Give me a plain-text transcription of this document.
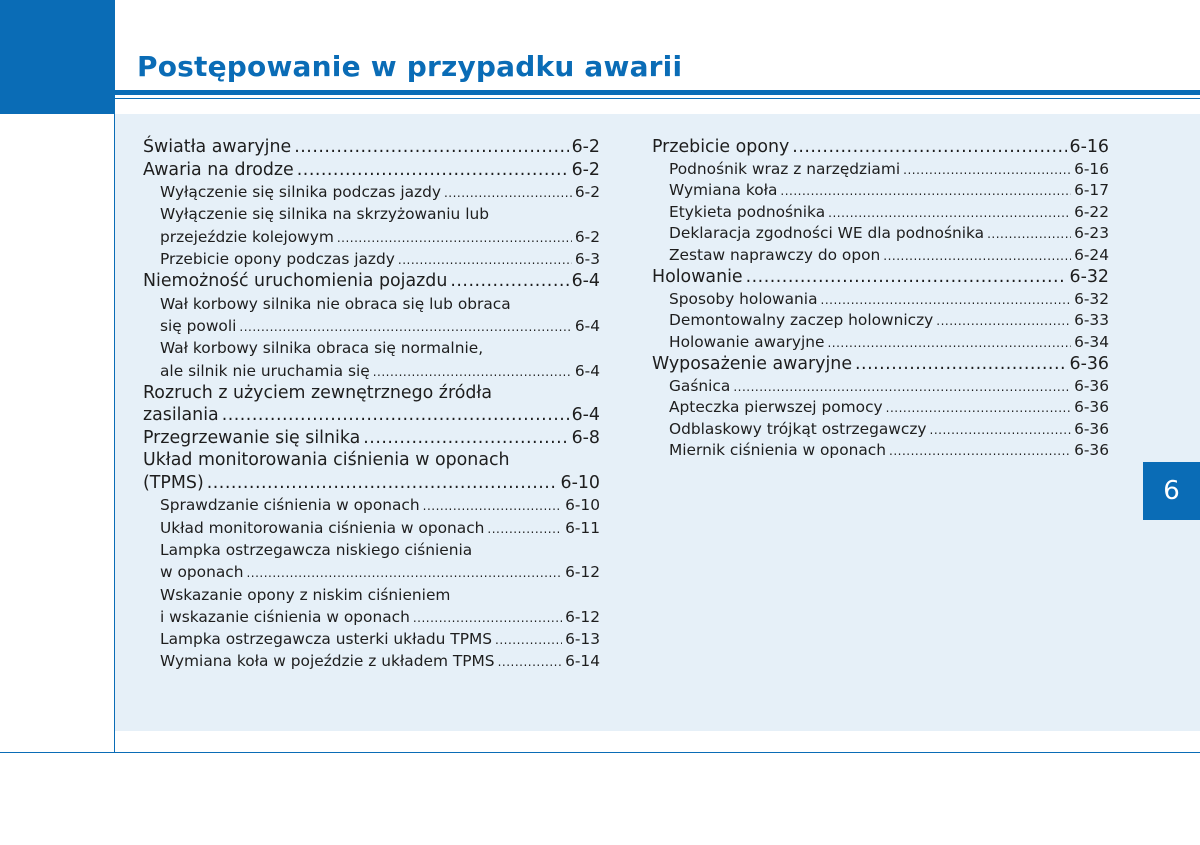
Postępowanie w przypadku awarii
6
Światła awaryjne .....	6-2
Awaria na drodze .....	6-2
Wyłączenie się silnika podczas jazdy .....	6-2
Wyłączenie się silnika na skrzyżowaniu lub
przejeździe kolejowym .....	6-2
Przebicie opony podczas jazdy .....	6-3
Niemożność uruchomienia pojazdu .....	6-4
Wał korbowy silnika nie obraca się lub obraca
się powoli .....	6-4
Wał korbowy silnika obraca się normalnie,
ale silnik nie uruchamia się .....	6-4
Rozruch z użyciem zewnętrznego źródła
zasilania .....	6-4
Przegrzewanie się silnika .....	6-8
Układ monitorowania ciśnienia w oponach
(TPMS) .....	6-10
Sprawdzanie ciśnienia w oponach .....	6-10
Układ monitorowania ciśnienia w oponach .....	6-11
Lampka ostrzegawcza niskiego ciśnienia
w oponach .....	6-12
Wskazanie opony z niskim ciśnieniem
i wskazanie ciśnienia w oponach .....	6-12
Lampka ostrzegawcza usterki układu TPMS .....	6-13
Wymiana koła w pojeździe z układem TPMS .....	6-14
Przebicie opony .....	6-16
Podnośnik wraz z narzędziami .....	6-16
Wymiana koła .....	6-17
Etykieta podnośnika .....	6-22
Deklaracja zgodności WE dla podnośnika .....	6-23
Zestaw naprawczy do opon .....	6-24
Holowanie .....	6-32
Sposoby holowania .....	6-32
Demontowalny zaczep holowniczy .....	6-33
Holowanie awaryjne .....	6-34
Wyposażenie awaryjne .....	6-36
Gaśnica .....	6-36
Apteczka pierwszej pomocy .....	6-36
Odblaskowy trójkąt ostrzegawczy .....	6-36
Miernik ciśnienia w oponach .....	6-36
